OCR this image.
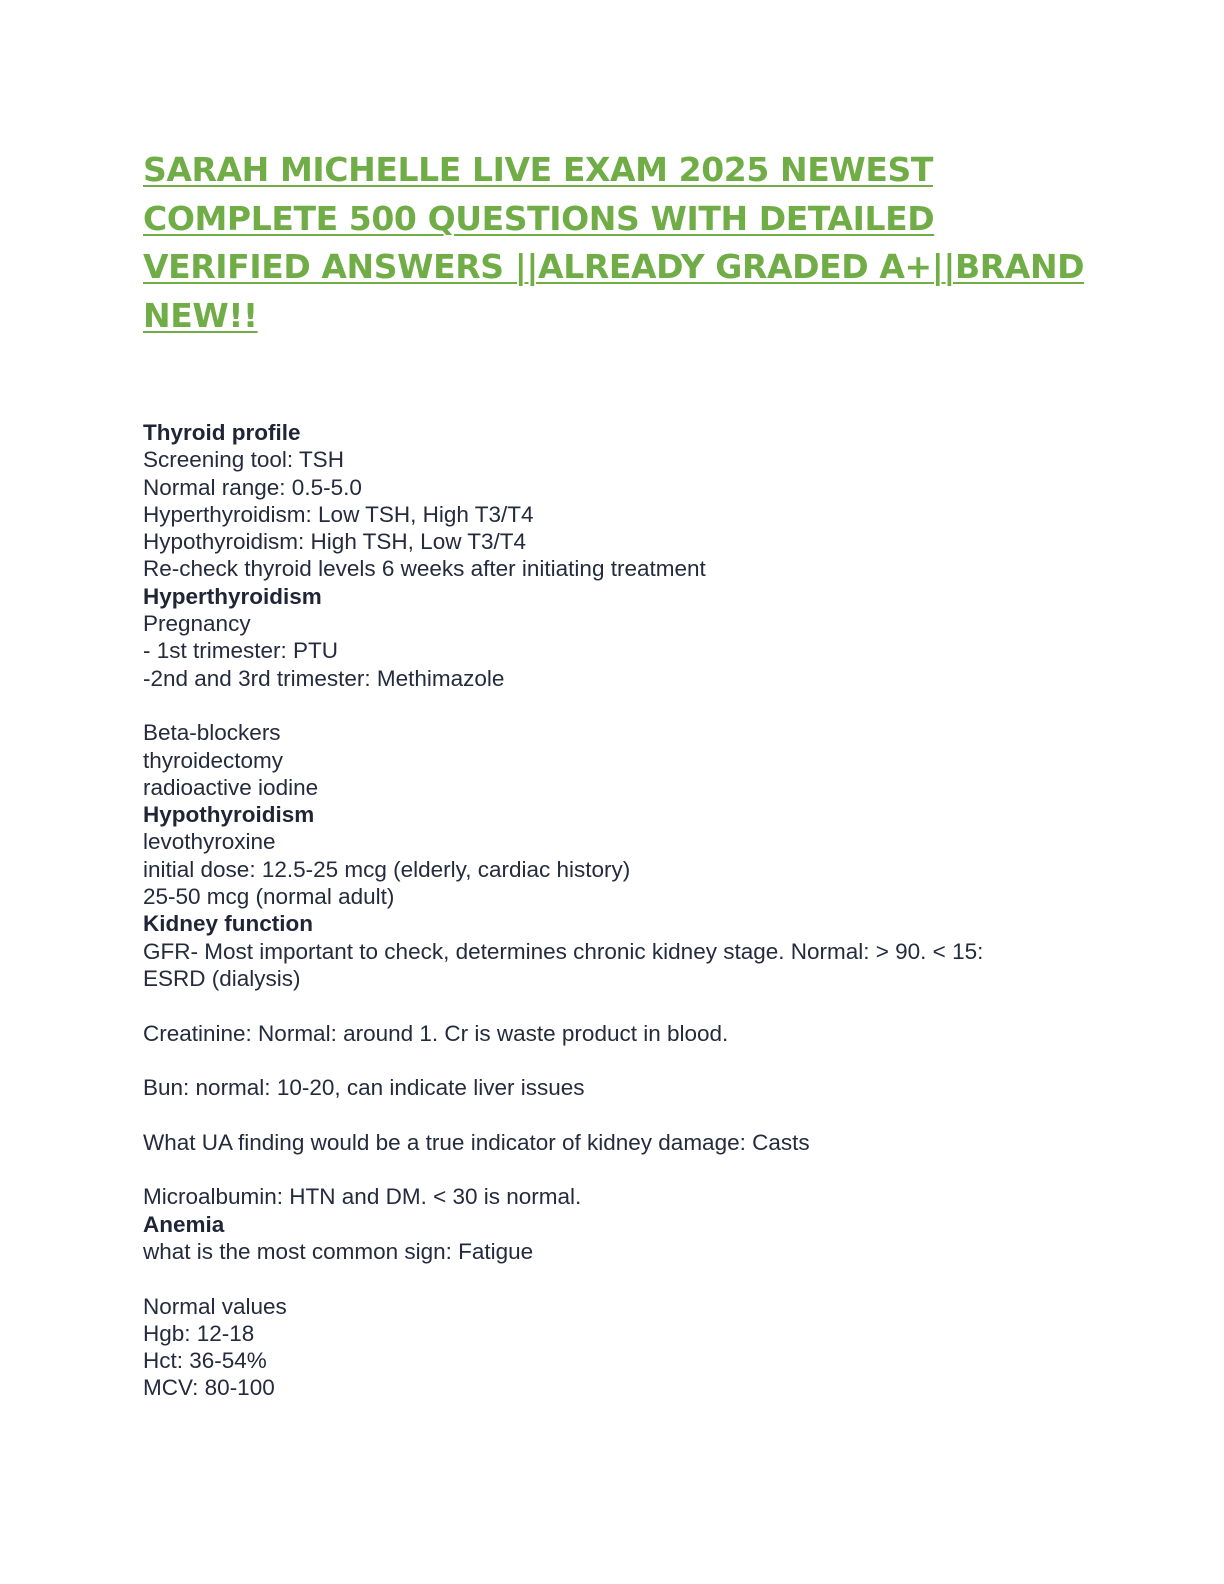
SARAH MICHELLE LIVE EXAM 2025 NEWEST
COMPLETE 500 QUESTIONS WITH DETAILED
VERIFIED ANSWERS ||ALREADY GRADED A+||BRAND
NEW!!
Thyroid profile
Screening tool: TSH
Normal range: 0.5-5.0
Hyperthyroidism: Low TSH, High T3/T4
Hypothyroidism: High TSH, Low T3/T4
Re-check thyroid levels 6 weeks after initiating treatment
Hyperthyroidism
Pregnancy
- 1st trimester: PTU
-2nd and 3rd trimester: Methimazole
Beta-blockers
thyroidectomy
radioactive iodine
Hypothyroidism
levothyroxine
initial dose: 12.5-25 mcg (elderly, cardiac history)
25-50 mcg (normal adult)
Kidney function
GFR- Most important to check, determines chronic kidney stage. Normal: > 90. < 15:
ESRD (dialysis)
Creatinine: Normal: around 1. Cr is waste product in blood.
Bun: normal: 10-20, can indicate liver issues
What UA finding would be a true indicator of kidney damage: Casts
Microalbumin: HTN and DM. < 30 is normal.
Anemia
what is the most common sign: Fatigue
Normal values
Hgb: 12-18
Hct: 36-54%
MCV: 80-100
